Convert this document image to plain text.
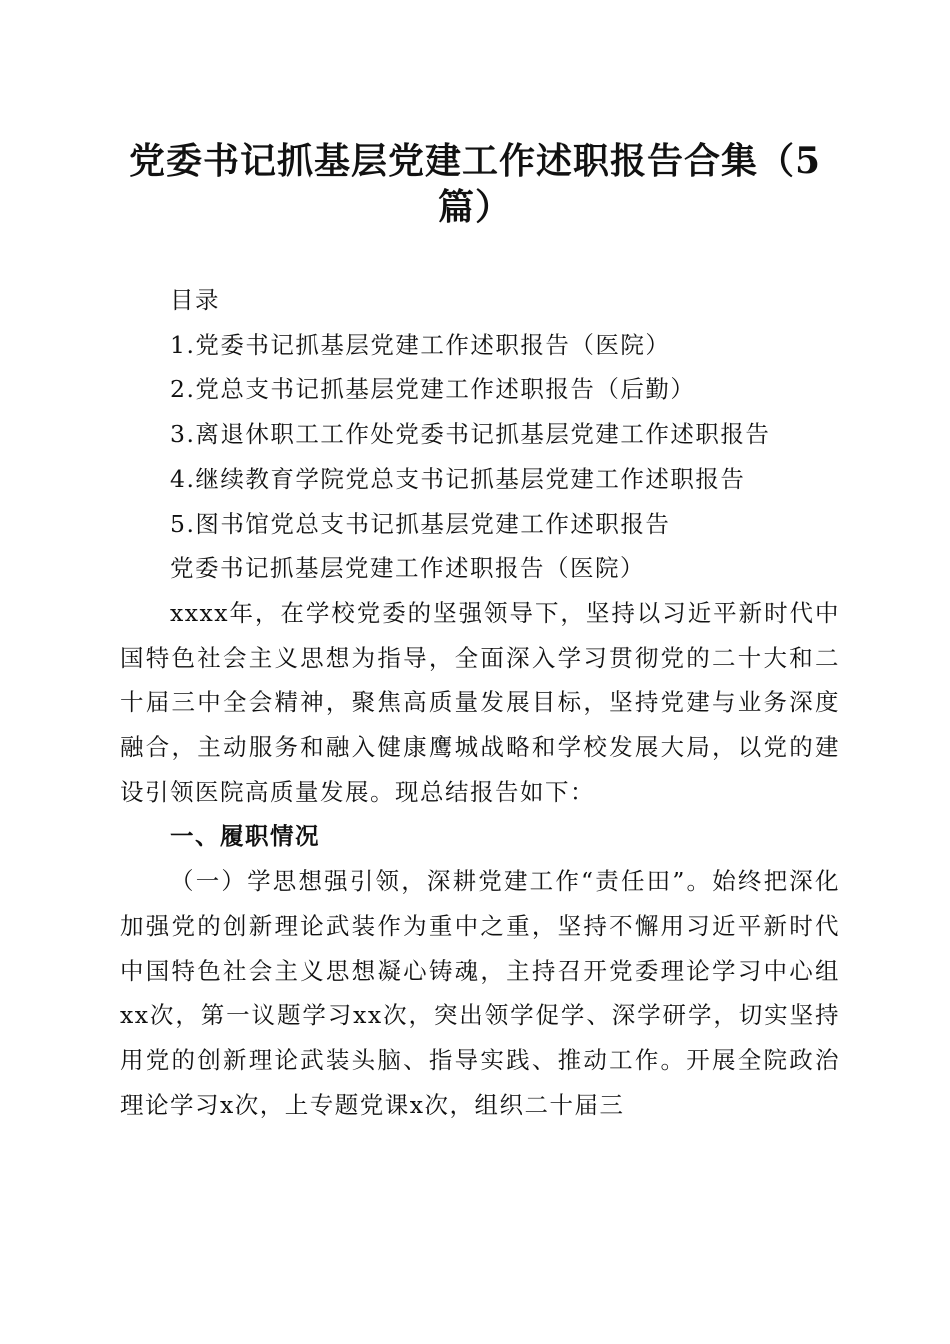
党委书记抓基层党建工作述职报告合集（5篇）

目录

1.党委书记抓基层党建工作述职报告（医院）

2.党总支书记抓基层党建工作述职报告（后勤）

3.离退休职工工作处党委书记抓基层党建工作述职报告

4.继续教育学院党总支书记抓基层党建工作述职报告

5.图书馆党总支书记抓基层党建工作述职报告

党委书记抓基层党建工作述职报告（医院）

xxxx年，在学校党委的坚强领导下，坚持以习近平新时代中国特色社会主义思想为指导，全面深入学习贯彻党的二十大和二十届三中全会精神，聚焦高质量发展目标，坚持党建与业务深度融合，主动服务和融入健康鹰城战略和学校发展大局，以党的建设引领医院高质量发展。现总结报告如下：

一、履职情况

（一）学思想强引领，深耕党建工作“责任田”。始终把深化加强党的创新理论武装作为重中之重，坚持不懈用习近平新时代中国特色社会主义思想凝心铸魂，主持召开党委理论学习中心组xx次，第一议题学习xx次，突出领学促学、深学研学，切实坚持用党的创新理论武装头脑、指导实践、推动工作。开展全院政治理论学习x次，上专题党课x次，组织二十届三
